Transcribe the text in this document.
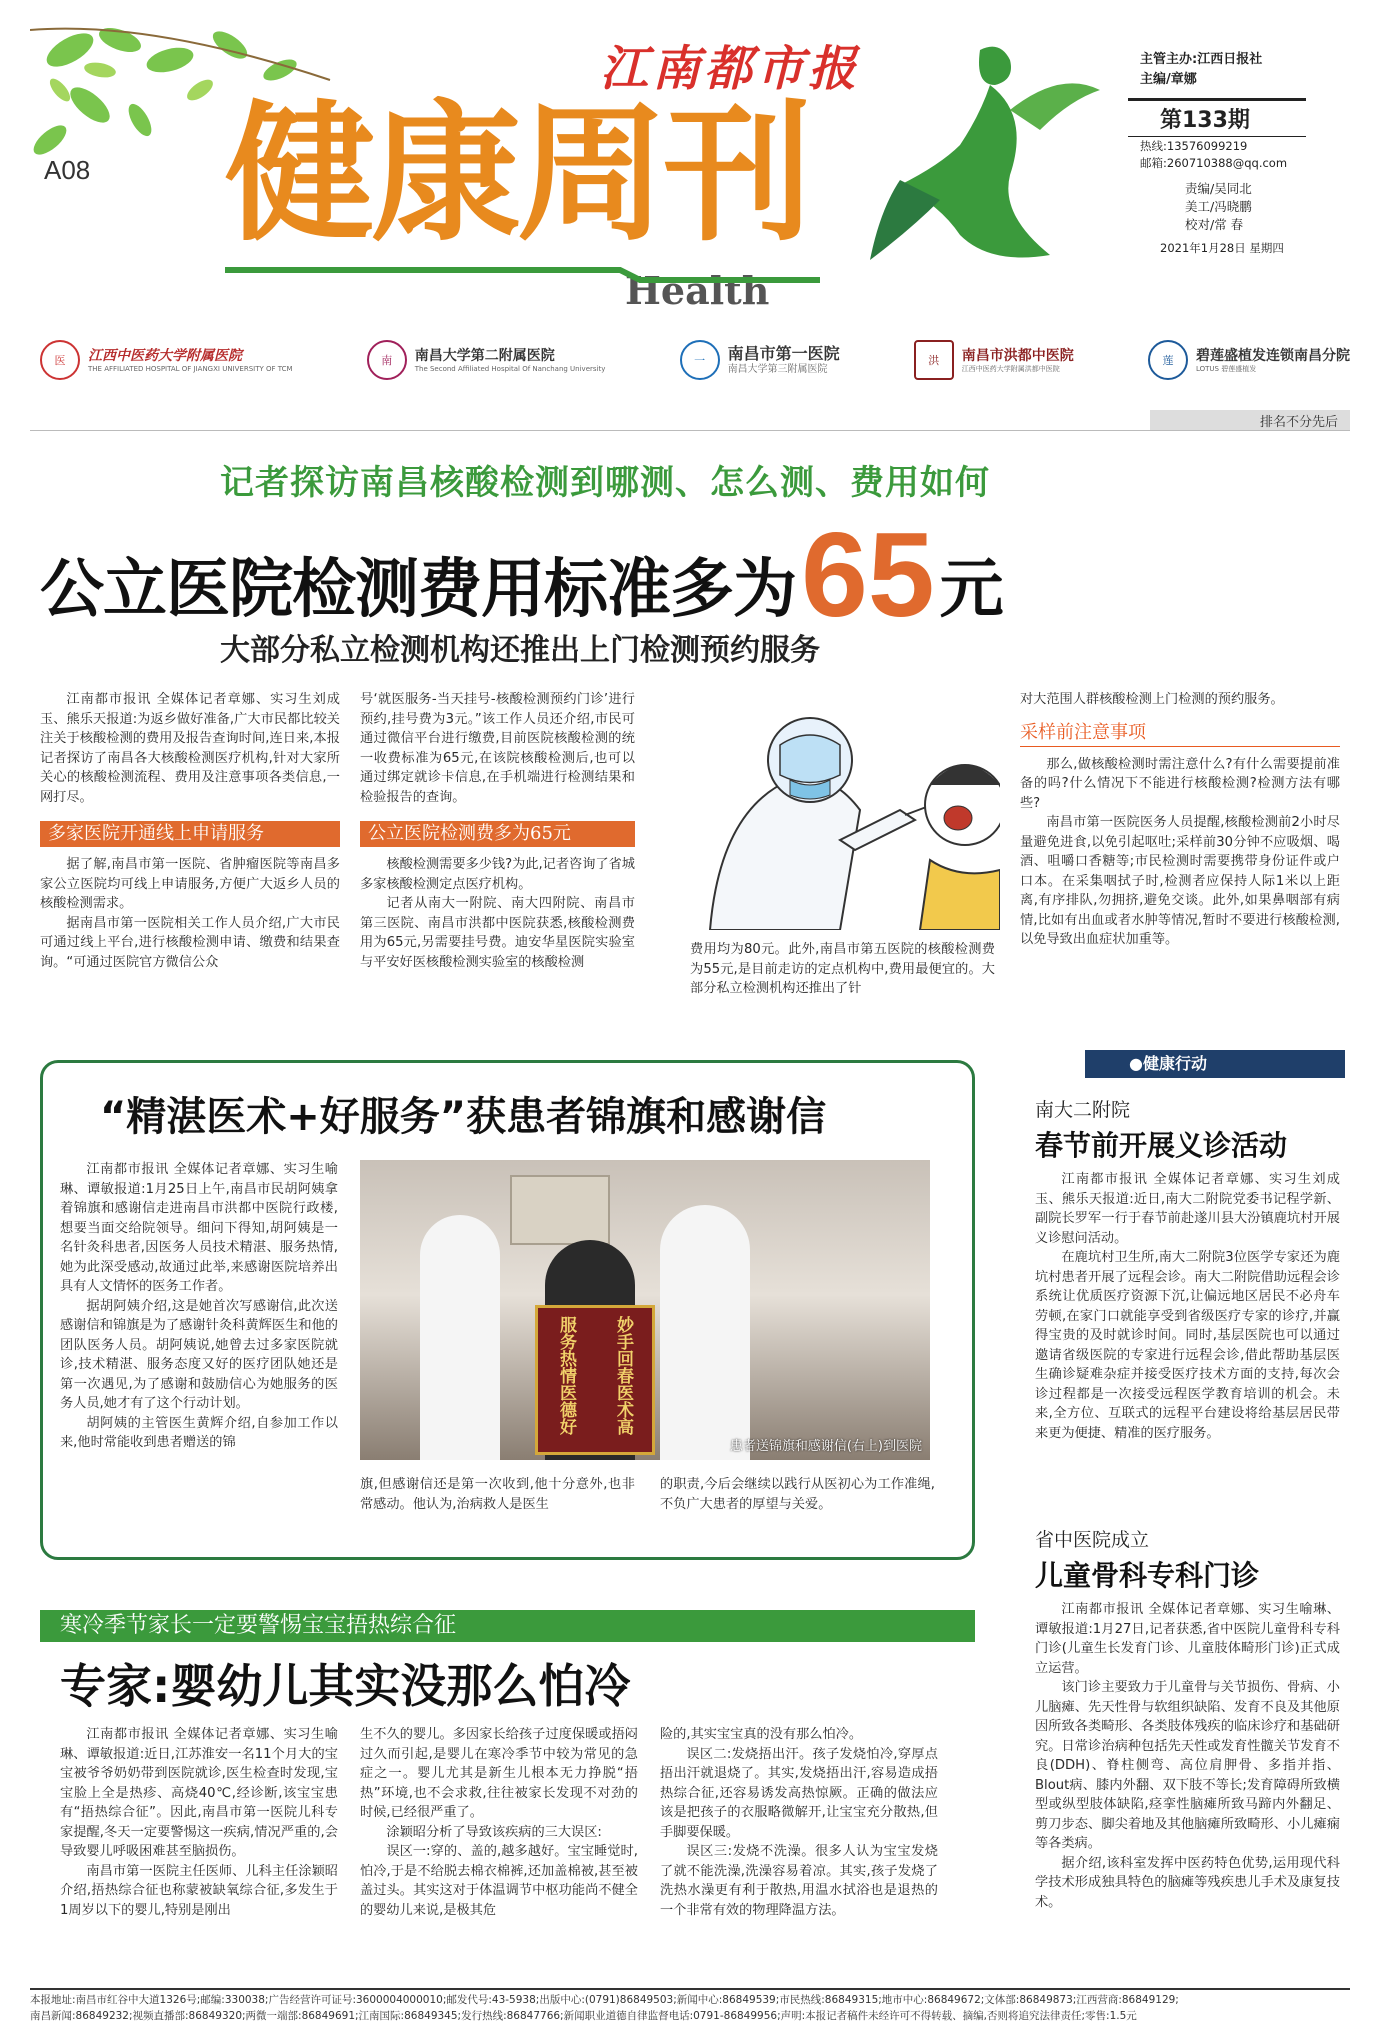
A08
江南都市报
健康周刊
Health
主管主办:江西日报社
主编/章娜
第133期
热线:13576099219
邮箱:260710388@qq.com
责编/吴同北
美工/冯晓鹏
校对/常 春
2021年1月28日 星期四
医	江西中医药大学附属医院
THE AFFILIATED HOSPITAL OF JIANGXI UNIVERSITY OF TCM
南	南昌大学第二附属医院
The Second Affiliated Hospital Of Nanchang University
一	南昌市第一医院
南昌大学第三附属医院
洪	南昌市洪都中医院
江西中医药大学附属洪都中医院
莲	碧莲盛植发连锁南昌分院
LOTUS 碧莲盛植发
排名不分先后
记者探访南昌核酸检测到哪测、怎么测、费用如何
公立医院检测费用标准多为 65 元
大部分私立检测机构还推出上门检测预约服务

江南都市报讯 全媒体记者章娜、实习生刘成玉、熊乐天报道:为返乡做好准备,广大市民都比较关注关于核酸检测的费用及报告查询时间,连日来,本报记者探访了南昌各大核酸检测医疗机构,针对大家所关心的核酸检测流程、费用及注意事项各类信息,一网打尽。

多家医院开通线上申请服务

据了解,南昌市第一医院、省肿瘤医院等南昌多家公立医院均可线上申请服务,方便广大返乡人员的核酸检测需求。

据南昌市第一医院相关工作人员介绍,广大市民可通过线上平台,进行核酸检测申请、缴费和结果查询。“可通过医院官方微信公众

号‘就医服务-当天挂号-核酸检测预约门诊’进行预约,挂号费为3元。”该工作人员还介绍,市民可通过微信平台进行缴费,目前医院核酸检测的统一收费标准为65元,在该院核酸检测后,也可以通过绑定就诊卡信息,在手机端进行检测结果和检验报告的查询。

公立医院检测费多为65元

核酸检测需要多少钱?为此,记者咨询了省城多家核酸检测定点医疗机构。

记者从南大一附院、南大四附院、南昌市第三医院、南昌市洪都中医院获悉,核酸检测费用为65元,另需要挂号费。迪安华星医院实验室与平安好医核酸检测实验室的核酸检测

费用均为80元。此外,南昌市第五医院的核酸检测费为55元,是目前走访的定点机构中,费用最便宜的。大部分私立检测机构还推出了针

对大范围人群核酸检测上门检测的预约服务。

采样前注意事项

那么,做核酸检测时需注意什么?有什么需要提前准备的吗?什么情况下不能进行核酸检测?检测方法有哪些?

南昌市第一医院医务人员提醒,核酸检测前2小时尽量避免进食,以免引起呕吐;采样前30分钟不应吸烟、喝酒、咀嚼口香糖等;市民检测时需要携带身份证件或户口本。在采集咽拭子时,检测者应保持人际1米以上距离,有序排队,勿拥挤,避免交谈。此外,如果鼻咽部有病情,比如有出血或者水肿等情况,暂时不要进行核酸检测,以免导致出血症状加重等。

“精湛医术+好服务”获患者锦旗和感谢信

江南都市报讯 全媒体记者章娜、实习生喻琳、谭敏报道:1月25日上午,南昌市民胡阿姨拿着锦旗和感谢信走进南昌市洪都中医院行政楼,想要当面交给院领导。细问下得知,胡阿姨是一名针灸科患者,因医务人员技术精湛、服务热情,她为此深受感动,故通过此举,来感谢医院培养出具有人文情怀的医务工作者。

据胡阿姨介绍,这是她首次写感谢信,此次送感谢信和锦旗是为了感谢针灸科黄辉医生和他的团队医务人员。胡阿姨说,她曾去过多家医院就诊,技术精湛、服务态度又好的医疗团队她还是第一次遇见,为了感谢和鼓励信心为她服务的医务人员,她才有了这个行动计划。

胡阿姨的主管医生黄辉介绍,自参加工作以来,他时常能收到患者赠送的锦

服务热情医德好 妙手回春医术高
患者送锦旗和感谢信(右上)到医院

旗,但感谢信还是第一次收到,他十分意外,也非常感动。他认为,治病救人是医生

的职责,今后会继续以践行从医初心为工作准绳,不负广大患者的厚望与关爱。

●健康行动
南大二附院
春节前开展义诊活动

江南都市报讯 全媒体记者章娜、实习生刘成玉、熊乐天报道:近日,南大二附院党委书记程学新、副院长罗军一行于春节前赴遂川县大汾镇鹿坑村开展义诊慰问活动。

在鹿坑村卫生所,南大二附院3位医学专家还为鹿坑村患者开展了远程会诊。南大二附院借助远程会诊系统让优质医疗资源下沉,让偏远地区居民不必舟车劳顿,在家门口就能享受到省级医疗专家的诊疗,并赢得宝贵的及时就诊时间。同时,基层医院也可以通过邀请省级医院的专家进行远程会诊,借此帮助基层医生确诊疑难杂症并接受医疗技术方面的支持,每次会诊过程都是一次接受远程医学教育培训的机会。未来,全方位、互联式的远程平台建设将给基层居民带来更为便捷、精准的医疗服务。

省中医院成立
儿童骨科专科门诊

江南都市报讯 全媒体记者章娜、实习生喻琳、谭敏报道:1月27日,记者获悉,省中医院儿童骨科专科门诊(儿童生长发育门诊、儿童肢体畸形门诊)正式成立运营。

该门诊主要致力于儿童骨与关节损伤、骨病、小儿脑瘫、先天性骨与软组织缺陷、发育不良及其他原因所致各类畸形、各类肢体残疾的临床诊疗和基础研究。日常诊治病种包括先天性或发育性髋关节发育不良(DDH)、脊柱侧弯、高位肩胛骨、多指并指、Blout病、膝内外翻、双下肢不等长;发育障碍所致横型或纵型肢体缺陷,痉挛性脑瘫所致马蹄内外翻足、剪刀步态、脚尖着地及其他脑瘫所致畸形、小儿瘫痫等各类病。

据介绍,该科室发挥中医药特色优势,运用现代科学技术形成独具特色的脑瘫等残疾患儿手术及康复技术。

寒冷季节家长一定要警惕宝宝捂热综合征
专家:婴幼儿其实没那么怕冷

江南都市报讯 全媒体记者章娜、实习生喻琳、谭敏报道:近日,江苏淮安一名11个月大的宝宝被爷爷奶奶带到医院就诊,医生检查时发现,宝宝脸上全是热疹、高烧40℃,经诊断,该宝宝患有“捂热综合征”。因此,南昌市第一医院儿科专家提醒,冬天一定要警惕这一疾病,情况严重的,会导致婴儿呼吸困难甚至脑损伤。

南昌市第一医院主任医师、儿科主任涂颖昭介绍,捂热综合征也称蒙被缺氧综合征,多发生于1周岁以下的婴儿,特别是刚出

生不久的婴儿。多因家长给孩子过度保暖或捂闷过久而引起,是婴儿在寒冷季节中较为常见的急症之一。婴儿尤其是新生儿根本无力挣脱“捂热”环境,也不会求救,往往被家长发现不对劲的时候,已经很严重了。

涂颖昭分析了导致该疾病的三大误区:

误区一:穿的、盖的,越多越好。宝宝睡觉时,怕冷,于是不给脱去棉衣棉裤,还加盖棉被,甚至被盖过头。其实这对于体温调节中枢功能尚不健全的婴幼儿来说,是极其危

险的,其实宝宝真的没有那么怕冷。

误区二:发烧捂出汗。孩子发烧怕冷,穿厚点捂出汗就退烧了。其实,发烧捂出汗,容易造成捂热综合征,还容易诱发高热惊厥。正确的做法应该是把孩子的衣服略微解开,让宝宝充分散热,但手脚要保暖。

误区三:发烧不洗澡。很多人认为宝宝发烧了就不能洗澡,洗澡容易着凉。其实,孩子发烧了洗热水澡更有利于散热,用温水拭浴也是退热的一个非常有效的物理降温方法。

本报地址:南昌市红谷中大道1326号;邮编:330038;广告经营许可证号:3600004000010;邮发代号:43-5938;出版中心:(0791)86849503;新闻中心:86849539;市民热线:86849315;地市中心:86849672;文体部:86849873;江西营商:86849129;
南昌新闻:86849232;视频直播部:86849320;两微一端部:86849691;江南国际:86849345;发行热线:86847766;新闻职业道德自律监督电话:0791-86849956;声明:本报记者稿件未经许可不得转载、摘编,否则将追究法律责任;零售:1.5元
